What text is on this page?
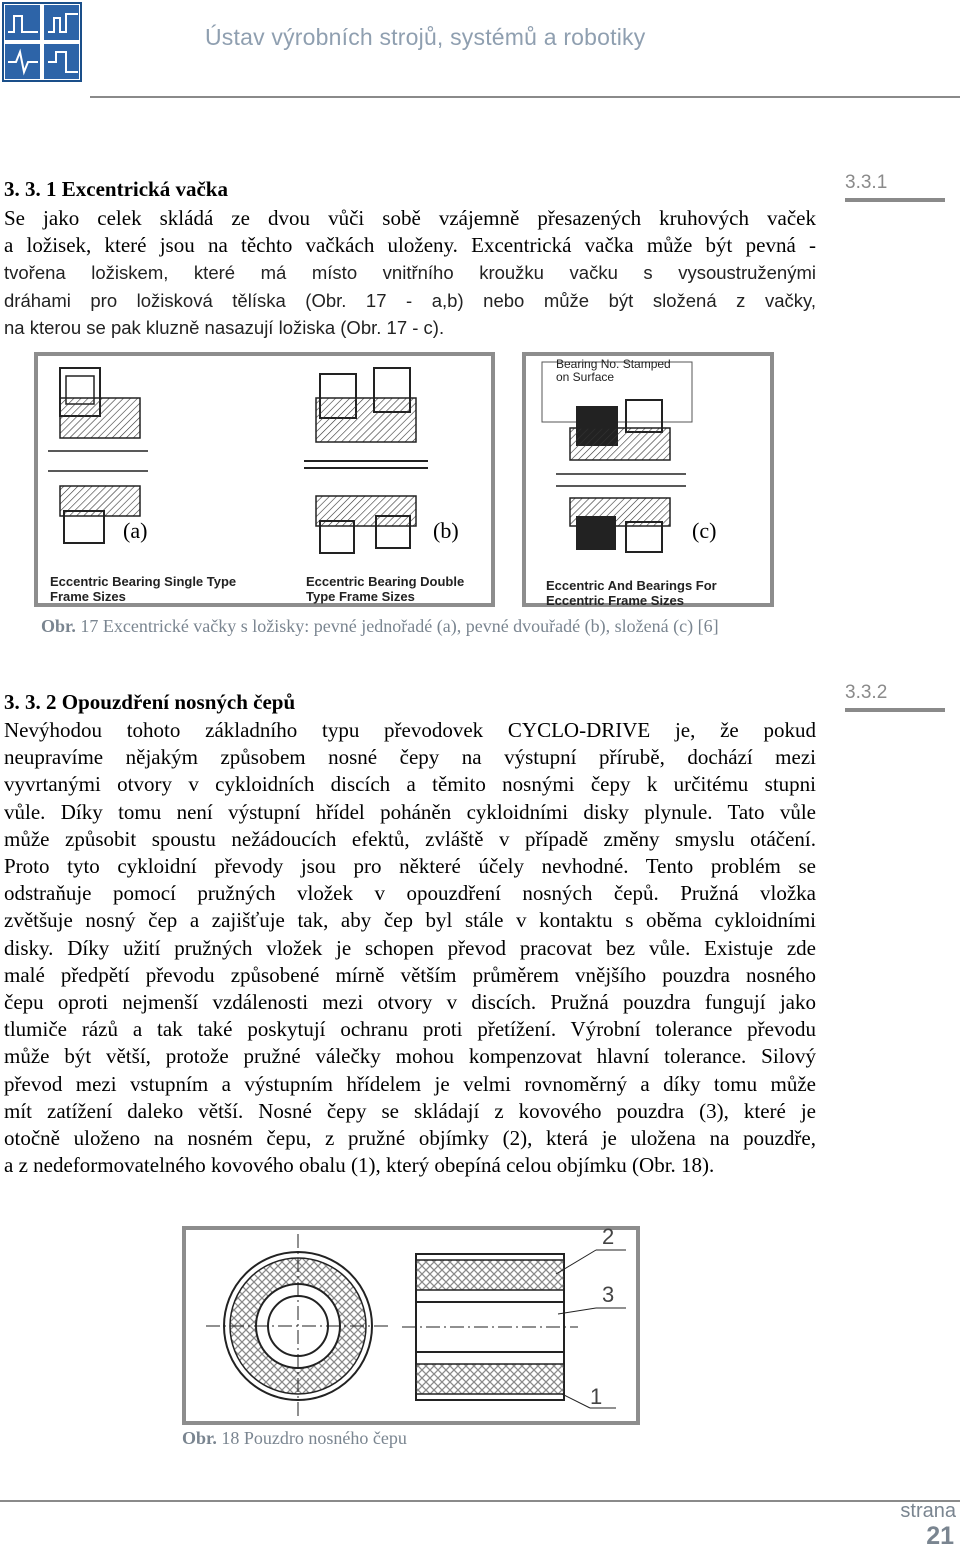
Ústav výrobních strojů, systémů a robotiky
3.3.1
3. 3. 1 Excentrická vačka
Se jako celek skládá ze dvou vůči sobě vzájemně přesazených kruhových vaček
a ložisek, které jsou na těchto vačkách uloženy. Excentrická vačka může být pevná -
tvořena ložiskem, které má místo vnitřního kroužku vačku s vysoustruženými
dráhami pro ložisková tělíska (Obr. 17 - a,b) nebo může být složená z vačky,
na kterou se pak kluzně nasazují ložiska (Obr. 17 - c).
(a)	(b)
Eccentric Bearing Single Type Frame Sizes
Eccentric Bearing Double Type Frame Sizes
Bearing No. Stamped on Surface
(c)
Eccentric And Bearings For Eccentric Frame Sizes
Obr. 17 Excentrické vačky s ložisky: pevné jednořadé (a), pevné dvouřadé (b), složená (c) [6]
3.3.2
3. 3. 2 Opouzdření nosných čepů
Nevýhodou tohoto základního typu převodovek CYCLO-DRIVE je, že pokud
neupravíme nějakým způsobem nosné čepy na výstupní přírubě, dochází mezi
vyvrtanými otvory v cykloidních discích a těmito nosnými čepy k určitému stupni
vůle. Díky tomu není výstupní hřídel poháněn cykloidními disky plynule. Tato vůle
může způsobit spoustu nežádoucích efektů, zvláště v případě změny smyslu otáčení.
Proto tyto cykloidní převody jsou pro některé účely nevhodné. Tento problém se
odstraňuje pomocí pružných vložek v opouzdření nosných čepů. Pružná vložka
zvětšuje nosný čep a zajišťuje tak, aby čep byl stále v kontaktu s oběma cykloidními
disky. Díky užití pružných vložek je schopen převod pracovat bez vůle. Existuje zde
malé předpětí převodu způsobené mírně větším průměrem vnějšího pouzdra nosného
čepu oproti nejmenší vzdálenosti mezi otvory v discích. Pružná pouzdra fungují jako
tlumiče rázů a tak také poskytují ochranu proti přetížení. Výrobní tolerance převodu
může být větší, protože pružné válečky mohou kompenzovat hlavní tolerance. Silový
převod mezi vstupním a výstupním hřídelem je velmi rovnoměrný a díky tomu může
mít zatížení daleko větší. Nosné čepy se skládají z kovového pouzdra (3), které je
otočně uloženo na nosném čepu, z pružné objímky (2), která je uložena na pouzdře,
a z nedeformovatelného kovového obalu (1), který obepíná celou objímku (Obr. 18).
2
3
1
Obr. 18 Pouzdro nosného čepu
strana
21
